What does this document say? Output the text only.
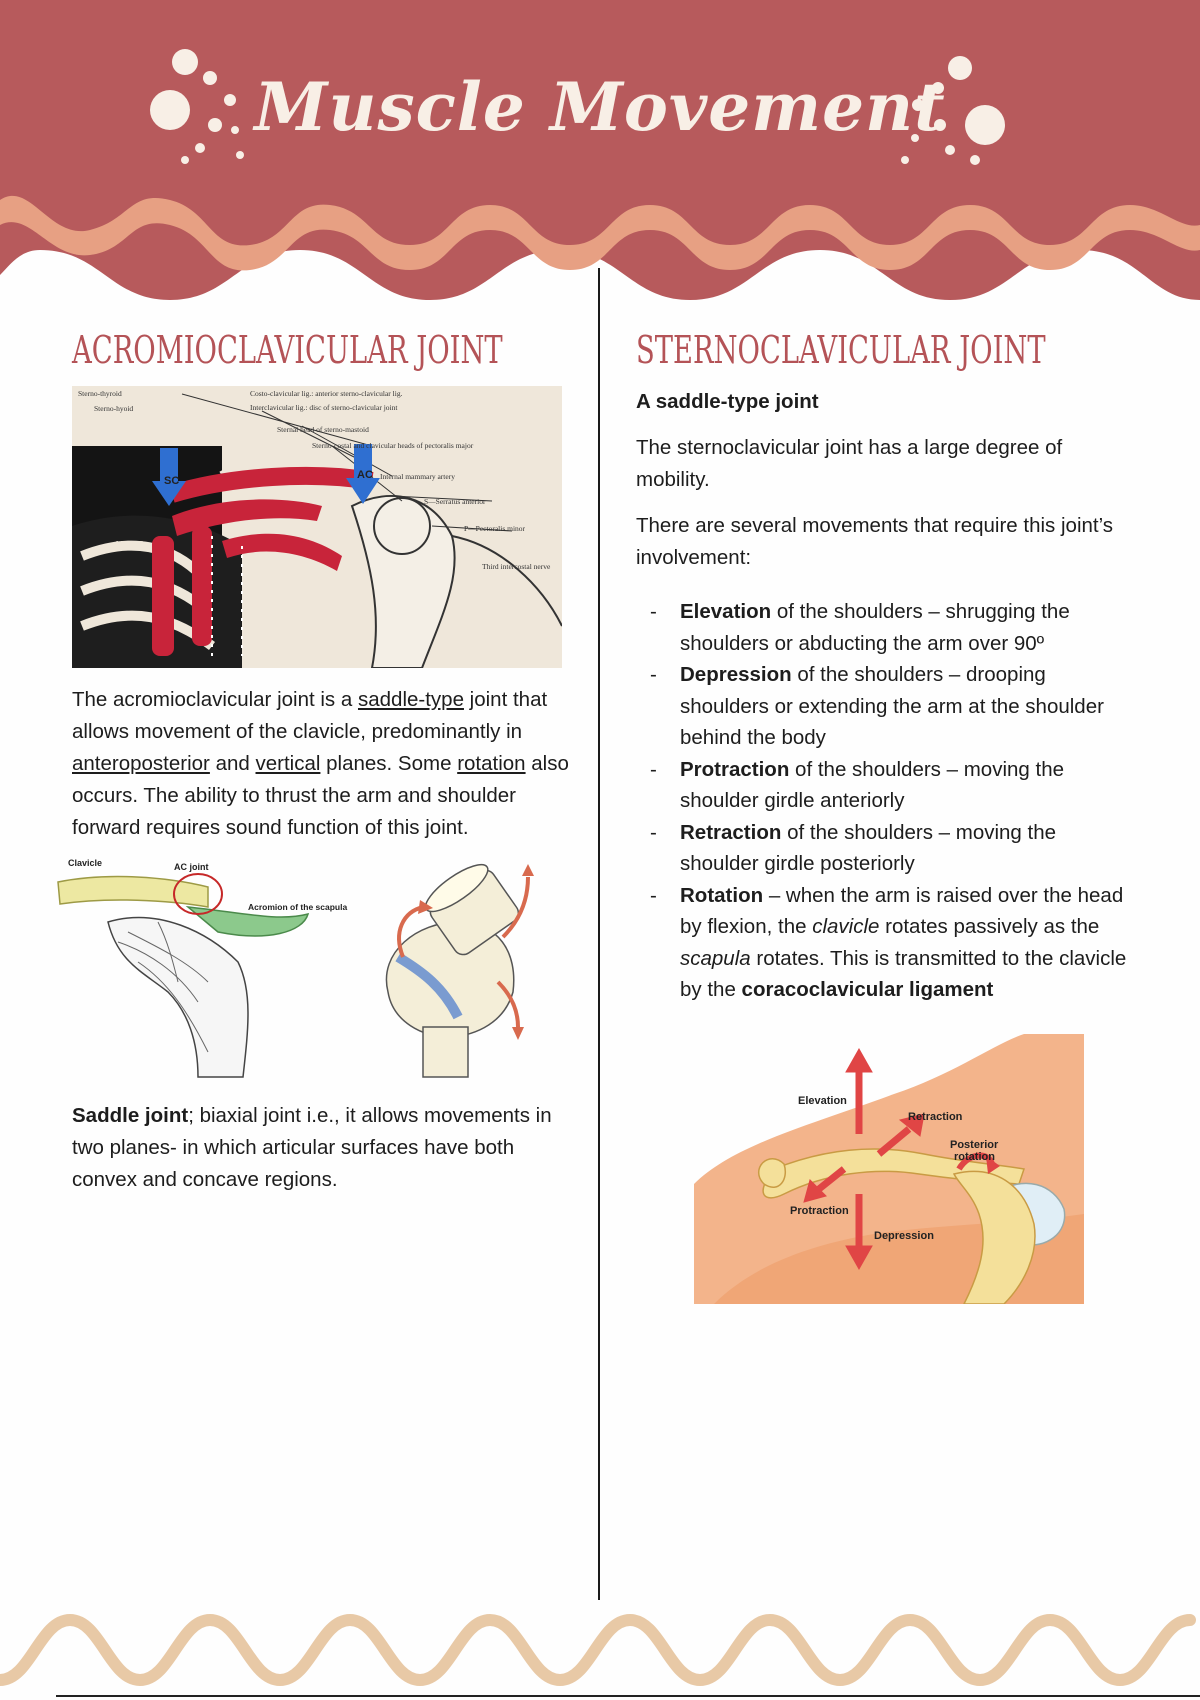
Muscle Movement
ACROMIOCLAVICULAR JOINT
SC	AC
Sterno-thyroid
Sterno-hyoid
Costo-clavicular lig.: anterior sterno-clavicular lig.
Interclavicular lig.: disc of sterno-clavicular joint
Sternal head of sterno-mastoid
Sterno-costal and clavicular heads of pectoralis major
Internal mammary artery
S—Serratus anterior
P—Pectoralis minor
Third intercostal nerve
MANUB.

The acromioclavicular joint is a saddle-type joint that allows movement of the clavicle, predominantly in anteroposterior and vertical planes. Some rotation also occurs. The ability to thrust the arm and shoulder forward requires sound function of this joint.

Clavicle	AC joint
Acromion of the scapula

Saddle joint; biaxial joint i.e., it allows movements in two planes- in which articular surfaces have both convex and concave regions.

STERNOCLAVICULAR JOINT

A saddle-type joint

The sternoclavicular joint has a large degree of mobility.

There are several movements that require this joint’s involvement:

- Elevation of the shoulders – shrugging the shoulders or abducting the arm over 90º
- Depression of the shoulders – drooping shoulders or extending the arm at the shoulder behind the body
- Protraction of the shoulders – moving the shoulder girdle anteriorly
- Retraction of the shoulders – moving the shoulder girdle posteriorly
- Rotation – when the arm is raised over the head by flexion, the clavicle rotates passively as the scapula rotates. This is transmitted to the clavicle by the coracoclavicular ligament
Elevation
Retraction
Posterior
rotation
Protraction
Depression
